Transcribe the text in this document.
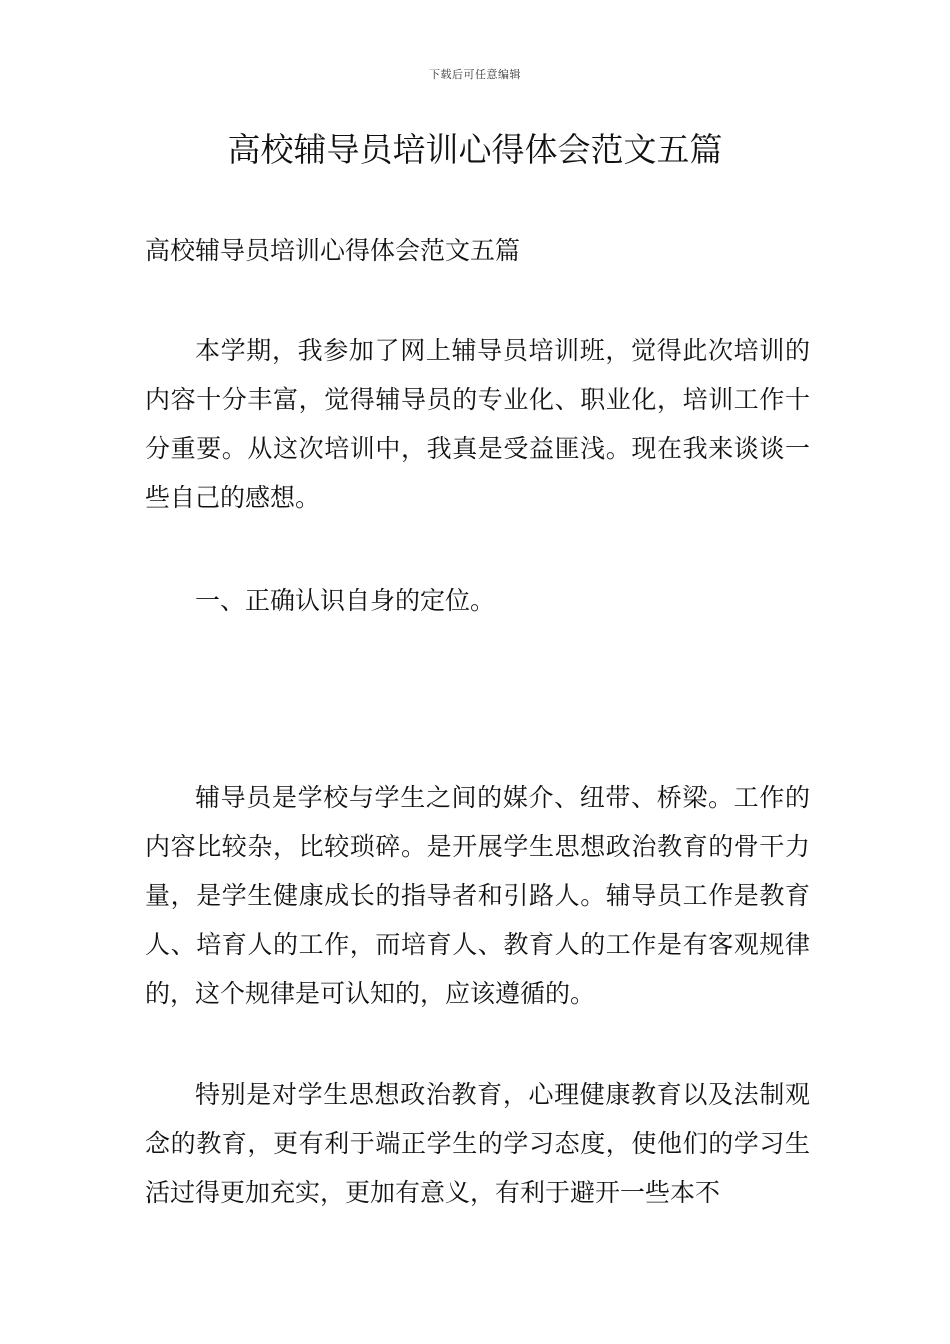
下载后可任意编辑
高校辅导员培训心得体会范文五篇

高校辅导员培训心得体会范文五篇

本学期，我参加了网上辅导员培训班，觉得此次培训的内容十分丰富，觉得辅导员的专业化、职业化，培训工作十分重要。从这次培训中，我真是受益匪浅。现在我来谈谈一些自己的感想。

一、正确认识自身的定位。

辅导员是学校与学生之间的媒介、纽带、桥梁。工作的内容比较杂，比较琐碎。是开展学生思想政治教育的骨干力量，是学生健康成长的指导者和引路人。辅导员工作是教育人、培育人的工作，而培育人、教育人的工作是有客观规律的，这个规律是可认知的，应该遵循的。

特别是对学生思想政治教育，心理健康教育以及法制观念的教育，更有利于端正学生的学习态度，使他们的学习生活过得更加充实，更加有意义，有利于避开一些本不
